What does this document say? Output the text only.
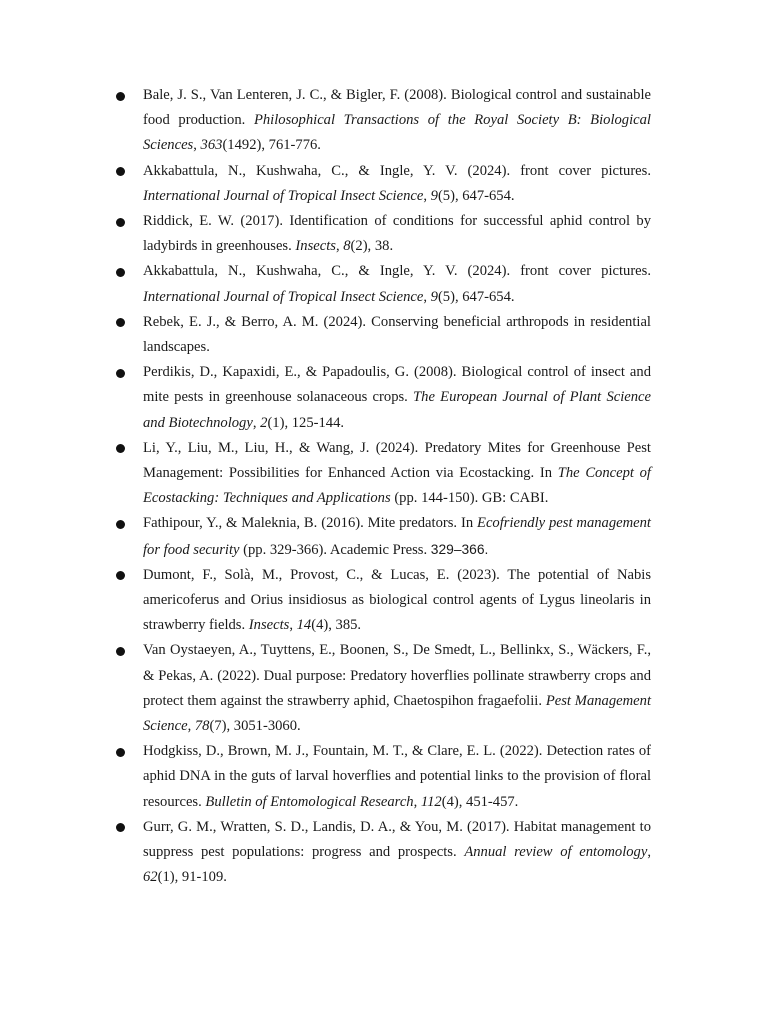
Bale, J. S., Van Lenteren, J. C., & Bigler, F. (2008). Biological control and sustainable food production. Philosophical Transactions of the Royal Society B: Biological Sciences, 363(1492), 761-776.
Akkabattula, N., Kushwaha, C., & Ingle, Y. V. (2024). front cover pictures. International Journal of Tropical Insect Science, 9(5), 647-654.
Riddick, E. W. (2017). Identification of conditions for successful aphid control by ladybirds in greenhouses. Insects, 8(2), 38.
Akkabattula, N., Kushwaha, C., & Ingle, Y. V. (2024). front cover pictures. International Journal of Tropical Insect Science, 9(5), 647-654.
Rebek, E. J., & Berro, A. M. (2024). Conserving beneficial arthropods in residential landscapes.
Perdikis, D., Kapaxidi, E., & Papadoulis, G. (2008). Biological control of insect and mite pests in greenhouse solanaceous crops. The European Journal of Plant Science and Biotechnology, 2(1), 125-144.
Li, Y., Liu, M., Liu, H., & Wang, J. (2024). Predatory Mites for Greenhouse Pest Management: Possibilities for Enhanced Action via Ecostacking. In The Concept of Ecostacking: Techniques and Applications (pp. 144-150). GB: CABI.
Fathipour, Y., & Maleknia, B. (2016). Mite predators. In Ecofriendly pest management for food security (pp. 329-366). Academic Press. 329–366.
Dumont, F., Solà, M., Provost, C., & Lucas, E. (2023). The potential of Nabis americoferus and Orius insidiosus as biological control agents of Lygus lineolaris in strawberry fields. Insects, 14(4), 385.
Van Oystaeyen, A., Tuyttens, E., Boonen, S., De Smedt, L., Bellinkx, S., Wäckers, F., & Pekas, A. (2022). Dual purpose: Predatory hoverflies pollinate strawberry crops and protect them against the strawberry aphid, Chaetospihon fragaefolii. Pest Management Science, 78(7), 3051-3060.
Hodgkiss, D., Brown, M. J., Fountain, M. T., & Clare, E. L. (2022). Detection rates of aphid DNA in the guts of larval hoverflies and potential links to the provision of floral resources. Bulletin of Entomological Research, 112(4), 451-457.
Gurr, G. M., Wratten, S. D., Landis, D. A., & You, M. (2017). Habitat management to suppress pest populations: progress and prospects. Annual review of entomology, 62(1), 91-109.
